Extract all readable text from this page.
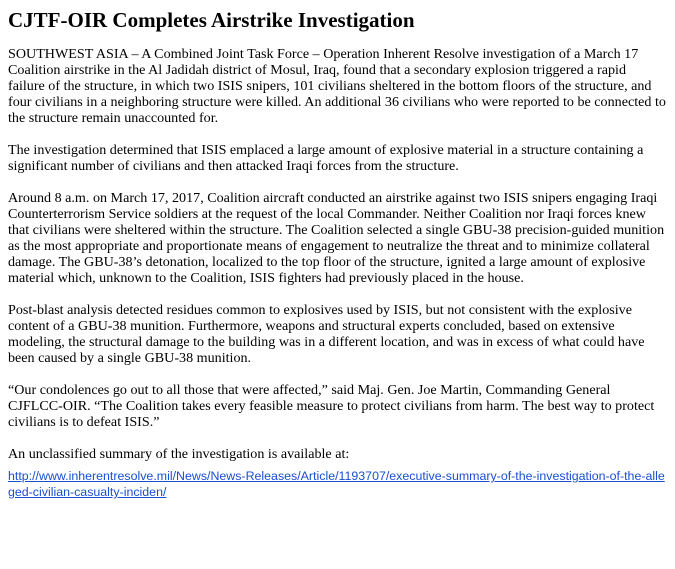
CJTF-OIR Completes Airstrike Investigation

SOUTHWEST ASIA – A Combined Joint Task Force – Operation Inherent Resolve investigation of a March 17 Coalition airstrike in the Al Jadidah district of Mosul, Iraq, found that a secondary explosion triggered a rapid failure of the structure, in which two ISIS snipers, 101 civilians sheltered in the bottom floors of the structure, and four civilians in a neighboring structure were killed. An additional 36 civilians who were reported to be connected to the structure remain unaccounted for.

The investigation determined that ISIS emplaced a large amount of explosive material in a structure containing a significant number of civilians and then attacked Iraqi forces from the structure.

Around 8 a.m. on March 17, 2017, Coalition aircraft conducted an airstrike against two ISIS snipers engaging Iraqi Counterterrorism Service soldiers at the request of the local Commander. Neither Coalition nor Iraqi forces knew that civilians were sheltered within the structure. The Coalition selected a single GBU-38 precision-guided munition as the most appropriate and proportionate means of engagement to neutralize the threat and to minimize collateral damage. The GBU-38’s detonation, localized to the top floor of the structure, ignited a large amount of explosive material which, unknown to the Coalition, ISIS fighters had previously placed in the house.

Post-blast analysis detected residues common to explosives used by ISIS, but not consistent with the explosive content of a GBU-38 munition. Furthermore, weapons and structural experts concluded, based on extensive modeling, the structural damage to the building was in a different location, and was in excess of what could have been caused by a single GBU-38 munition.

“Our condolences go out to all those that were affected,” said Maj. Gen. Joe Martin, Commanding General CJFLCC-OIR. “The Coalition takes every feasible measure to protect civilians from harm. The best way to protect civilians is to defeat ISIS.”

An unclassified summary of the investigation is available at:

http://www.inherentresolve.mil/News/News-Releases/Article/1193707/executive-summary-of-the-investigation-of-the-alleged-civilian-casualty-inciden/
